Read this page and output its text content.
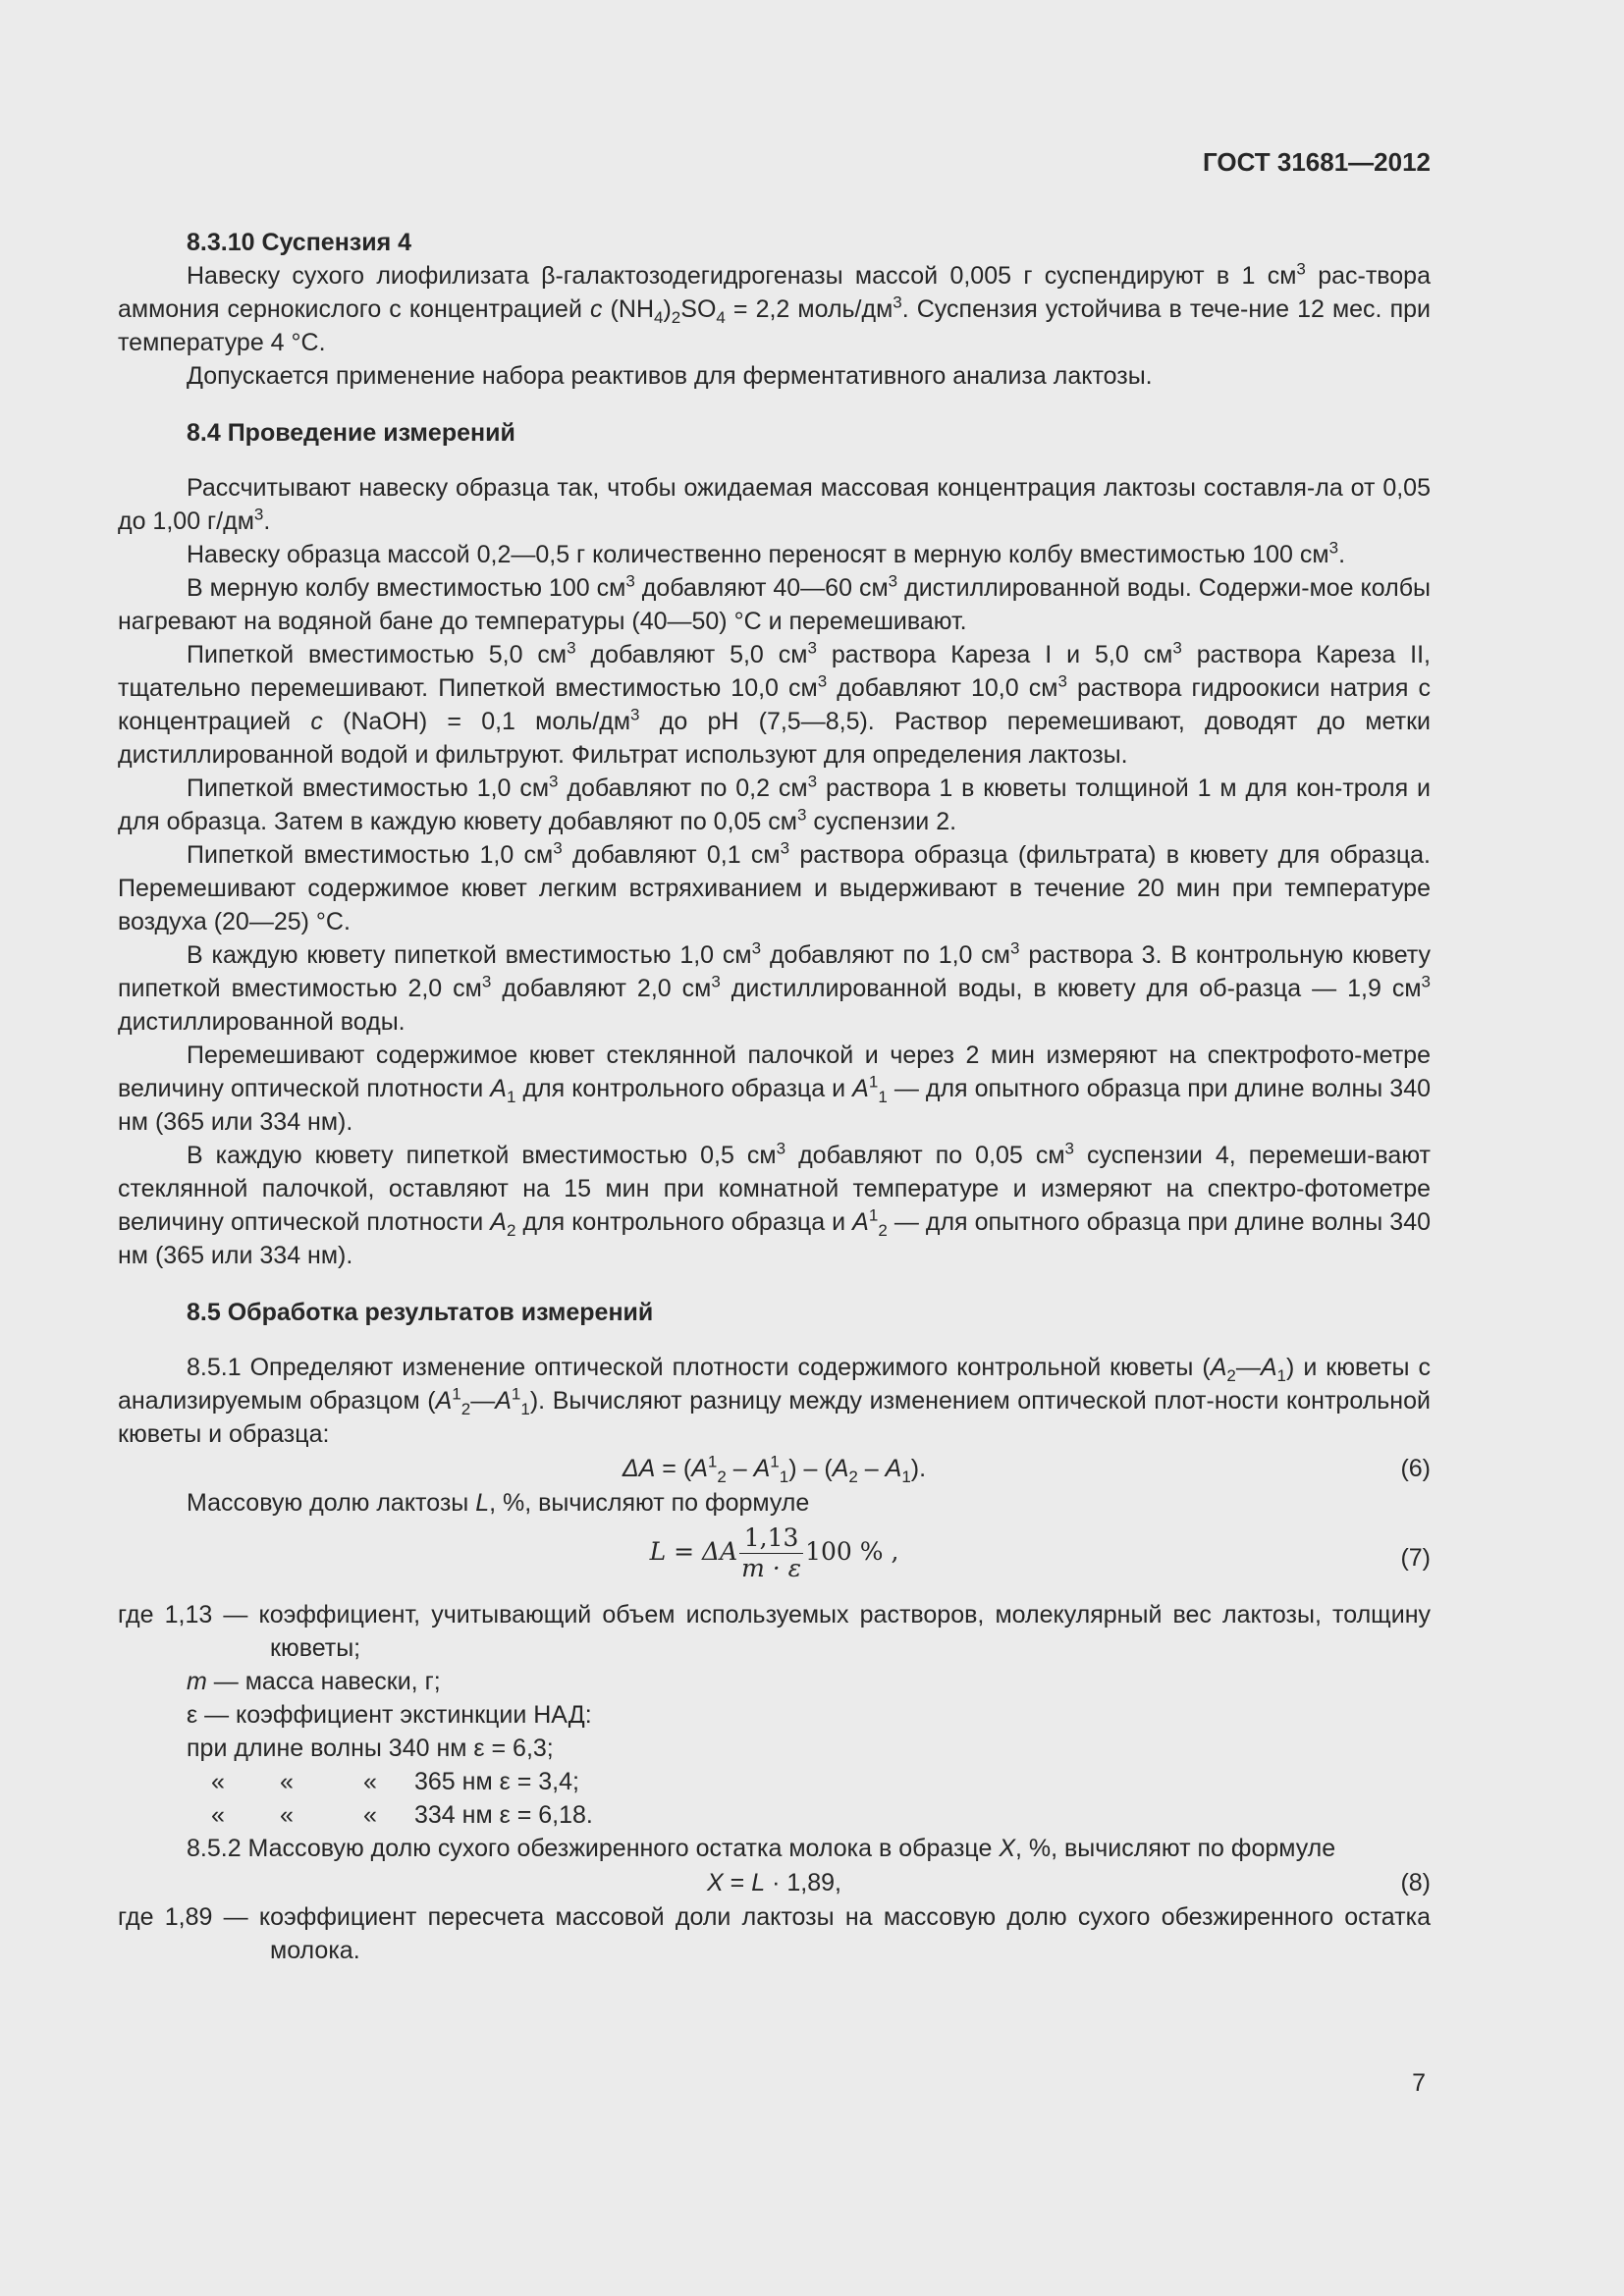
ГОСТ 31681—2012
8.3.10 Суспензия 4

Навеску сухого лиофилизата β-галактозодегидрогеназы массой 0,005 г суспендируют в 1 $см^3$ рас-твора аммония сернокислого с концентрацией c $(NH_4)_2SO_4 = 2,2$ моль/$дм^3$. Суспензия устойчива в тече-ние 12 мес. при температуре 4 °С.

Допускается применение набора реактивов для ферментативного анализа лактозы.

8.4 Проведение измерений

Рассчитывают навеску образца так, чтобы ожидаемая массовая концентрация лактозы составля-ла от 0,05 до 1,00 $г/дм^3$.

Навеску образца массой 0,2—0,5 г количественно переносят в мерную колбу вместимостью 100 $см^3$.

В мерную колбу вместимостью 100 $см^3$ добавляют 40—60 $см^3$ дистиллированной воды. Содержи-мое колбы нагревают на водяной бане до температуры (40—50) °С и перемешивают.

Пипеткой вместимостью 5,0 $см^3$ добавляют 5,0 $см^3$ раствора Кареза I и 5,0 $см^3$ раствора Кареза II, тщательно перемешивают. Пипеткой вместимостью 10,0 $см^3$ добавляют 10,0 $см^3$ раствора гидроокиси натрия с концентрацией c (NaOH) = 0,1 моль/$дм^3$ до pH (7,5—8,5). Раствор перемешивают, доводят до метки дистиллированной водой и фильтруют. Фильтрат используют для определения лактозы.

Пипеткой вместимостью 1,0 $см^3$ добавляют по 0,2 $см^3$ раствора 1 в кюветы толщиной 1 м для кон-троля и для образца. Затем в каждую кювету добавляют по 0,05 $см^3$ суспензии 2.

Пипеткой вместимостью 1,0 $см^3$ добавляют 0,1 $см^3$ раствора образца (фильтрата) в кювету для образца. Перемешивают содержимое кювет легким встряхиванием и выдерживают в течение 20 мин при температуре воздуха (20—25) °С.

В каждую кювету пипеткой вместимостью 1,0 $см^3$ добавляют по 1,0 $см^3$ раствора 3. В контрольную кювету пипеткой вместимостью 2,0 $см^3$ добавляют 2,0 $см^3$ дистиллированной воды, в кювету для об-разца — 1,9 $см^3$ дистиллированной воды.

Перемешивают содержимое кювет стеклянной палочкой и через 2 мин измеряют на спектрофото-метре величину оптической плотности $A_1$ для контрольного образца и $A^1_1$ — для опытного образца при длине волны 340 нм (365 или 334 нм).

В каждую кювету пипеткой вместимостью 0,5 $см^3$ добавляют по 0,05 $см^3$ суспензии 4, перемеши-вают стеклянной палочкой, оставляют на 15 мин при комнатной температуре и измеряют на спектро-фотометре величину оптической плотности $A_2$ для контрольного образца и $A^1_2$ — для опытного образца при длине волны 340 нм (365 или 334 нм).

8.5 Обработка результатов измерений

8.5.1 Определяют изменение оптической плотности содержимого контрольной кюветы $(A_2—A_1)$ и кюветы с анализируемым образцом $(A^1_2—A^1_1)$. Вычисляют разницу между изменением оптической плот-ности контрольной кюветы и образца:

$\Delta A = (A^1_2 - A^1_1) - (A_2 - A_1)$.	(6)

Массовую долю лактозы L, %, вычисляют по формуле

L = ΔA $\frac{1,13}{m \cdot \varepsilon} 100$ % ,	(7)

где 1,13 — коэффициент, учитывающий объем используемых растворов, молекулярный вес лактозы, толщину кюветы;

m — масса навески, г;

ε — коэффициент экстинкции НАД:

при длине волны 340 нм ε = 6,3;

« «	« 365 нм ε = 3,4;

« «	« 334 нм ε = 6,18.

8.5.2 Массовую долю сухого обезжиренного остатка молока в образце X, %, вычисляют по формуле

X = L · 1,89,	(8)

где 1,89 — коэффициент пересчета массовой доли лактозы на массовую долю сухого обезжиренного остатка молока.

7
